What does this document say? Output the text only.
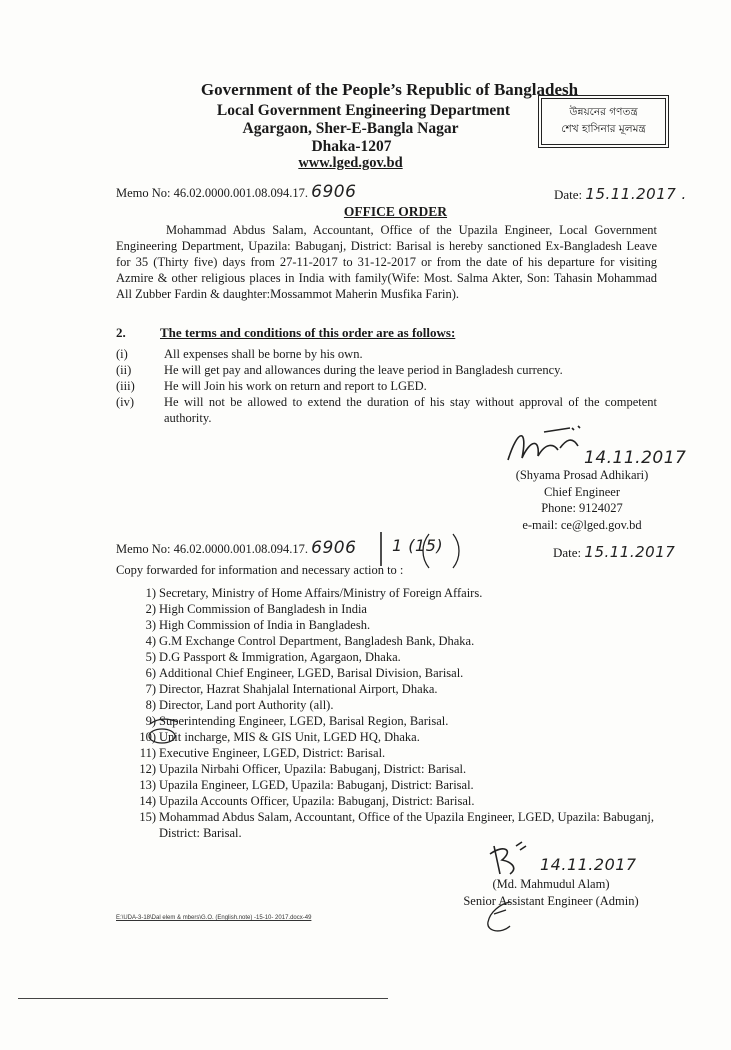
Government of the People’s Republic of Bangladesh
Local Government Engineering Department
Agargaon, Sher-E-Bangla Nagar
Dhaka-1207
www.lged.gov.bd
উন্নয়নের গণতন্ত্র
শেখ হাসিনার মূলমন্ত্র
Memo No: 46.02.0000.001.08.094.17. 6906	Date: 15.11.2017 .
OFFICE ORDER
Mohammad Abdus Salam, Accountant, Office of the Upazila Engineer, Local Government Engineering Department, Upazila: Babuganj, District: Barisal is hereby sanctioned Ex-Bangladesh Leave for 35 (Thirty five) days from 27-11-2017 to 31-12-2017 or from the date of his departure for visiting Azmire & other religious places in India with family(Wife: Most. Salma Akter, Son: Tahasin Mohammad All Zubber Fardin & daughter:Mossammot Maherin Musfika Farin).
2.	The terms and conditions of this order are as follows:
(i)	All expenses shall be borne by his own.
(ii)	He will get pay and allowances during the leave period in Bangladesh currency.
(iii)	He will Join his work on return and report to LGED.
(iv)	He will not be allowed to extend the duration of his stay without approval of the competent authority.
14.11.2017
(Shyama Prosad Adhikari)
Chief Engineer
Phone: 9124027
e-mail: ce@lged.gov.bd
Memo No: 46.02.0000.001.08.094.17. 6906 1 (15)	Date: 15.11.2017
Copy forwarded for information and necessary action to :
1) Secretary, Ministry of Home Affairs/Ministry of Foreign Affairs.
2) High Commission of Bangladesh in India
3) High Commission of India in Bangladesh.
4) G.M Exchange Control Department, Bangladesh Bank, Dhaka.
5) D.G Passport & Immigration, Agargaon, Dhaka.
6) Additional Chief Engineer, LGED, Barisal Division, Barisal.
7) Director, Hazrat Shahjalal International Airport, Dhaka.
8) Director, Land port Authority (all).
9) Superintending Engineer, LGED, Barisal Region, Barisal.
10) Unit incharge, MIS & GIS Unit, LGED HQ, Dhaka.
11) Executive Engineer, LGED, District: Barisal.
12) Upazila Nirbahi Officer, Upazila: Babuganj, District: Barisal.
13) Upazila Engineer, LGED, Upazila: Babuganj, District: Barisal.
14) Upazila Accounts Officer, Upazila: Babuganj, District: Barisal.
15) Mohammad Abdus Salam, Accountant, Office of the Upazila Engineer, LGED, Upazila: Babuganj, District: Barisal.
14.11.2017
(Md. Mahmudul Alam)
Senior Assistant Engineer (Admin)
E:\UDA-3-18\Dal elem & mbers\G.O. (English.note) -15-10- 2017.docx-49
